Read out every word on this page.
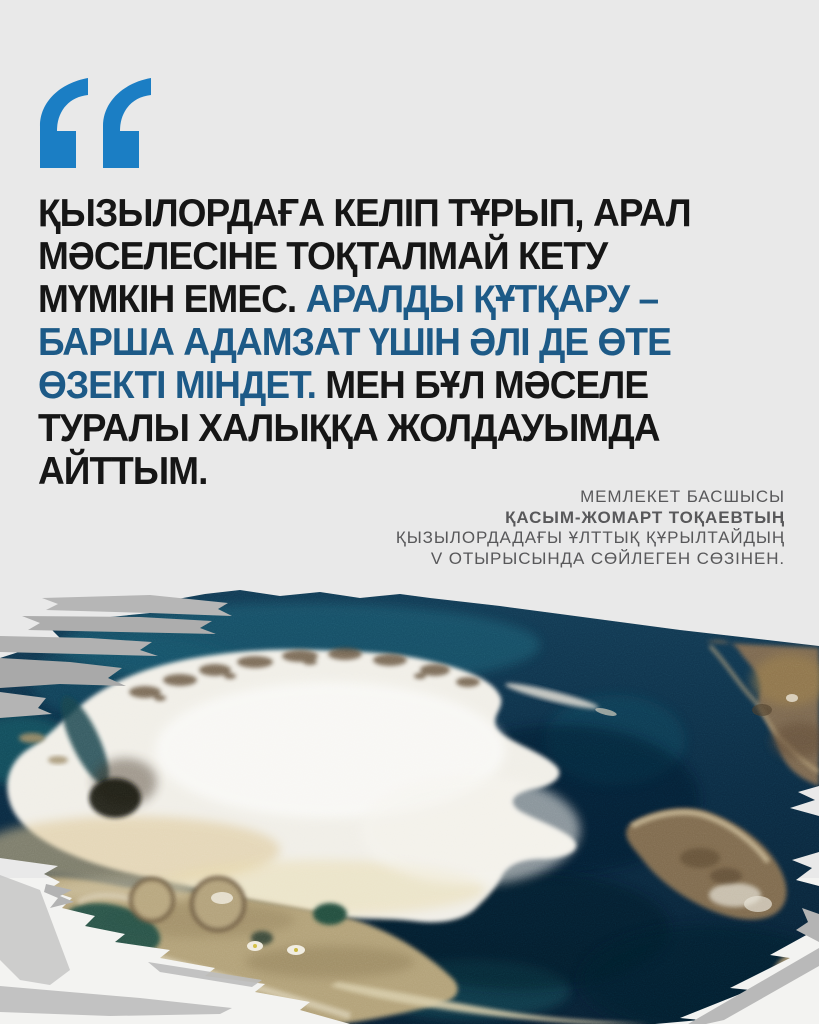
ҚЫЗЫЛОРДАҒА КЕЛІП ТҰРЫП, АРАЛ
МӘСЕЛЕСІНЕ ТОҚТАЛМАЙ КЕТУ
МҮМКІН ЕМЕС. АРАЛДЫ ҚҰТҚАРУ –
БАРША АДАМЗАТ ҮШІН ӘЛІ ДЕ ӨТЕ
ӨЗЕКТІ МІНДЕТ. МЕН БҰЛ МӘСЕЛЕ
ТУРАЛЫ ХАЛЫҚҚА ЖОЛДАУЫМДА
АЙТТЫМ.
МЕМЛЕКЕТ БАСШЫСЫ
ҚАСЫМ-ЖОМАРТ ТОҚАЕВТЫҢ
ҚЫЗЫЛОРДАДАҒЫ ҰЛТТЫҚ ҚҰРЫЛТАЙДЫҢ
V ОТЫРЫСЫНДА СӨЙЛЕГЕН СӨЗІНЕН.
